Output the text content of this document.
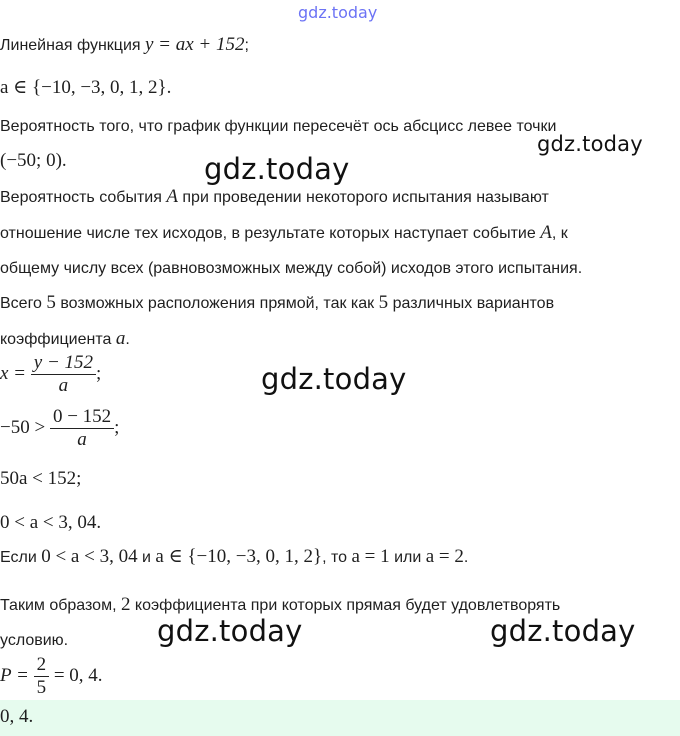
gdz.today
Линейная функция y = ax + 152;
a ∈ {−10, −3, 0, 1, 2}.
Вероятность того, что график функции пересечёт ось абсцисс левее точки
(−50; 0).
Вероятность события A при проведении некоторого испытания называют
отношение числе тех исходов, в результате которых наступает событие A, к
общему числу всех (равновозможных между собой) исходов этого испытания.
Всего 5 возможных расположения прямой, так как 5 различных вариантов
коэффициента a.
$x = \frac{y - 152}{a}$ ;
$-50 > \frac{0 - 152}{a}$ ;
50a < 152;
0 < a < 3, 04.
Если 0 < a < 3, 04 и a ∈ {−10, −3, 0, 1, 2}, то a = 1 или a = 2.
Таким образом, 2 коэффициента при которых прямая будет удовлетворять
условию.
$P = \frac{2}{5} = 0$, 4.
0, 4.
gdz.today
gdz.today
gdz.today
gdz.today	gdz.today
